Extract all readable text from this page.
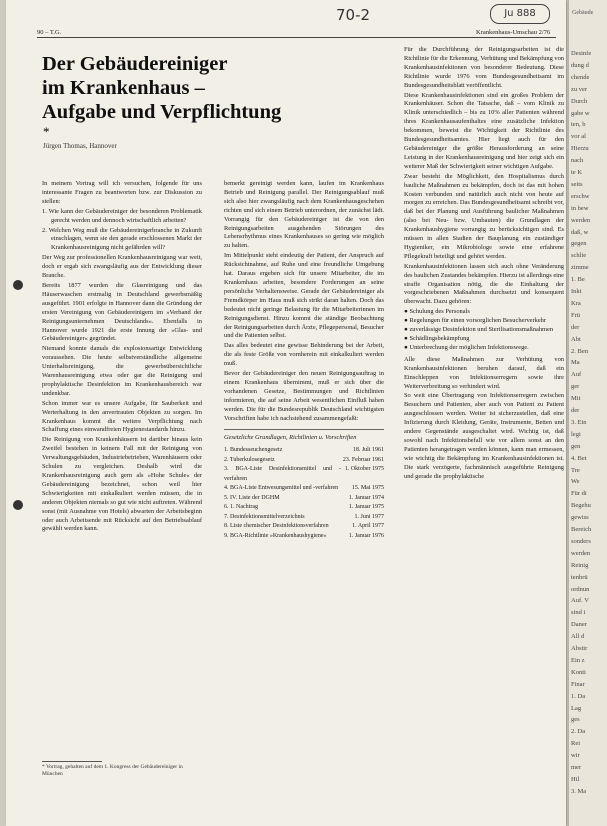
90 – T.G.	Krankenhaus-Umschau 2/76
70-2	Ju 888
Der Gebäudereiniger
im Krankenhaus –
Aufgabe und Verpflichtung
*
Jürgen Thomas, Hannover

In meinem Vortrag will ich versuchen, folgende für uns interessante Fragen zu beantworten bzw. zur Diskussion zu stellen:

1. Wie kann der Gebäudereiniger der besonderen Problematik gerecht werden und dennoch wirtschaftlich arbeiten?

2. Welchen Weg muß die Gebäudereinigerbranche in Zukunft einschlagen, wenn sie den gerade erschlossenen Markt der Krankenhausreinigung nicht gefährden will?

Der Weg zur professionellen Krankenhausreinigung war weit, doch er ergab sich zwangsläufig aus der Entwicklung dieser Branche.

Bereits 1877 wurden die Glasreinigung und das Häuserwaschen erstmalig in Deutschland gewerbsmäßig ausgeführt. 1901 erfolgte in Hannover dann die Gründung der ersten Vereinigung von Gebäudereinigern im »Verband der Reinigungsunternehmen Deutschlands«. Ebenfalls in Hannover wurde 1921 die erste Innung der »Glas- und Gebäudereiniger« gegründet.

Niemand konnte damals die explosionsartige Entwicklung voraussehen. Die heute selbstverständliche allgemeine Unterhaltsreinigung, die gewerbsübersichtliche Warenhausreinigung etwa oder gar die Reinigung und prophylaktische Desinfektion im Krankenhausbereich war undenkbar.

Schon immer war es unsere Aufgabe, für Sauberkeit und Werterhaltung in den anvertrauten Objekten zu sorgen. Im Krankenhaus kommt die weitere Verpflichtung nach Schaffung eines einwandfreien Hygienestandards hinzu.

Die Reinigung von Krankenhäusern ist darüber hinaus kein Zweifel bestehen in keinem Fall mit der Reinigung von Verwaltungsgebäuden, Industriebetrieben, Warenhäusern oder Schulen zu vergleichen. Deshalb wird die Krankenhausreinigung auch gern als »Hohe Schule« der Gebäudereinigung bezeichnet, schon weil hier Schwierigkeiten mit einkalkuliert werden müssen, die in anderen Objekten niemals so gut wie nicht auftreten. Während sonst (mit Ausnahme von Hotels) abwarten der Arbeitsbeginn oder auch Arbeitsende mit Rücksicht auf den Betriebsablauf gewählt werden kann.

* Vortrag, gehalten auf dem 1. Kongress der Gebäudereiniger in München

bemerkt gereinigt werden kann, laufen im Krankenhaus Betrieb und Reinigung parallel. Der Reinigungsablauf muß sich also hier zwangsläufig nach dem Krankenhausgeschehen richten und sich einem Betrieb unterordnen, der zunächst lädt. Vorrangig für den Gebäudereiniger ist die von den Reinigungsarbeiten ausgehenden Störungen des Lebensrhythmus eines Krankenhauses so gering wie möglich zu halten.

Im Mittelpunkt steht eindeutig der Patient, der Anspruch auf Rücksichtnahme, auf Ruhe und eine freundliche Umgebung hat. Daraus ergeben sich für unsere Mitarbeiter, die im Krankenhaus arbeiten, besondere Forderungen an seine persönliche Verhaltensweise. Gerade der Gebäudereiniger als Fremdkörper im Haus muß sich strikt daran halten. Doch das bedeutet nicht geringe Belastung für die Mitarbeiterinnen im Reinigungsdienst. Hinzu kommt die ständige Beobachtung der Reinigungsarbeiten durch Ärzte, Pflegepersonal, Besucher und die Patienten selbst.

Das alles bedeutet eine gewisse Behinderung bei der Arbeit, die als feste Größe von vornherein mit einkalkuliert werden muß.

Bevor der Gebäudereiniger den neuen Reinigungsauftrag in einem Krankenhaus übernimmt, muß er sich über die vorhandenen Gesetze, Bestimmungen und Richtlinien informieren, die auf seine Arbeit wesentlichen Einfluß haben werden. Die für die Bundesrepublik Deutschland wichtigsten Vorschriften habe ich nachstehend zusammengefaßt:

Gesetzliche Grundlagen, Richtlinien u. Vorschriften
1. Bundesseuchengesetz	18. Juli 1961
2. Tuberkulosegesetz	23. Februar 1961
3. BGA-Liste Desinfektionsmittel und -verfahren
1. Oktober 1975
4. BGA-Liste Entwesungsmittel und -verfahren	15. Mai 1975
5. IV. Liste der DGHM	1. Januar 1974
6. 1. Nachtrag	1. Januar 1975
7. Desinfektionsmittelverzeichnis	1. Juni 1977
8. Liste chemischer Desinfektionsverfahren	1. April 1977
9. BGA-Richtlinie »Krankenhaushygiene«	1. Januar 1976

Für die Durchführung der Reinigungsarbeiten ist die Richtlinie für die Erkennung, Verhütung und Bekämpfung von Krankenhausinfektionen von besonderer Bedeutung. Diese Richtlinie wurde 1976 vom Bundesgesundheitsamt im Bundesgesundheitsblatt veröffentlicht.

Diese Krankenhausinfektionen sind ein großes Problem der Krankenhäuser. Schon die Tatsache, daß – vom Klinik zu Klinik unterschiedlich – bis zu 10% aller Patienten während ihres Krankenhausaufenthaltes eine zusätzliche Infektion bekommen, beweist die Wichtigkeit der Richtlinie des Bundesgesundheitsamtes. Hier liegt auch für den Gebäudereiniger die größte Herausforderung an seine Leistung in der Krankenhausreinigung und hier zeigt sich ein weiterer Maß der Schwierigkeit seiner wichtigen Aufgabe.

Zwar besteht die Möglichkeit, den Hospitalismus durch bauliche Maßnahmen zu bekämpfen, doch ist das mit hohen Kosten verbunden und natürlich auch nicht von heute auf morgen zu erreichen. Das Bundesgesundheitsamt schreibt vor, daß bei der Planung und Ausführung baulicher Maßnahmen (also bei Neu- bzw. Umbauten) die Grundlagen der Krankenhaushygiene vorrangig zu berücksichtigen sind. Es müssen in allen Stadien der Bauplanung ein zuständiger Hygieniker, ein Mikrobiologe sowie eine erfahrene Pflegekraft beteiligt und gehört werden.

Krankenhausinfektionen lassen sich auch ohne Veränderung des baulichen Zustandes bekämpfen. Hierzu ist allerdings eine straffe Organisation nötig, die die Einhaltung der vorgeschriebenen Maßnahmen durchsetzt und konsequent überwacht. Dazu gehören:

● Schulung des Personals

● Regelungen für einen vorsorglichen Besucherverkehr

● zuverlässige Desinfektion und Sterilisationsmaßnahmen

● Schädlingsbekämpfung

● Unterbrechung der möglichen Infektionswege.

Alle diese Maßnahmen zur Verhütung von Krankenhausinfektionen beruhen darauf, daß ein Einschleppen von Infektionserregern sowie ihre Weiterverbreitung so verhindert wird.

So weit eine Übertragung von Infektionserregern zwischen Besuchern und Patienten, aber auch von Patient zu Patient ausgeschlossen werden. Weiter ist sicherzustellen, daß eine Infizierung durch Kleidung, Geräte, Instrumente, Betten und andere Gegenstände ausgeschaltet wird. Wichtig ist, daß sowohl nach Infektionsbefall wie vor allem sonst an den Patienten herangetragen werden können, kann man ermessen, wie wichtig die Bekämpfung im Krankenhausinfektionen ist. Die stark verzögerte, fachmännisch ausgeführte Reinigung und gerade die prophylaktische

Gebäude
Desinfe
dung d
chende
zu ver
Durch
gabe w
ten, b
vor al
Hierzu
nach
te K
seits
erschw
in bew
werden
daß, w
gegen
schlie
zimme
1. Be
Inkt
Kra
Frü
der
Abt
2. Ben
Ma
Auf
ger
Mit
der
3. Ein
legi
gen
4. Bet
Tre
We
Für di
Begehu
gewiss
Bereich
sonders
werden
Reinig
tenbrü
ordnun
Auf. V
sind i
Daner
All d
Abstir
Ein z
Konti
Finar
1. Da
Lag
ges
2. Da
Rei
wir
mer
Hil
3. Ma
